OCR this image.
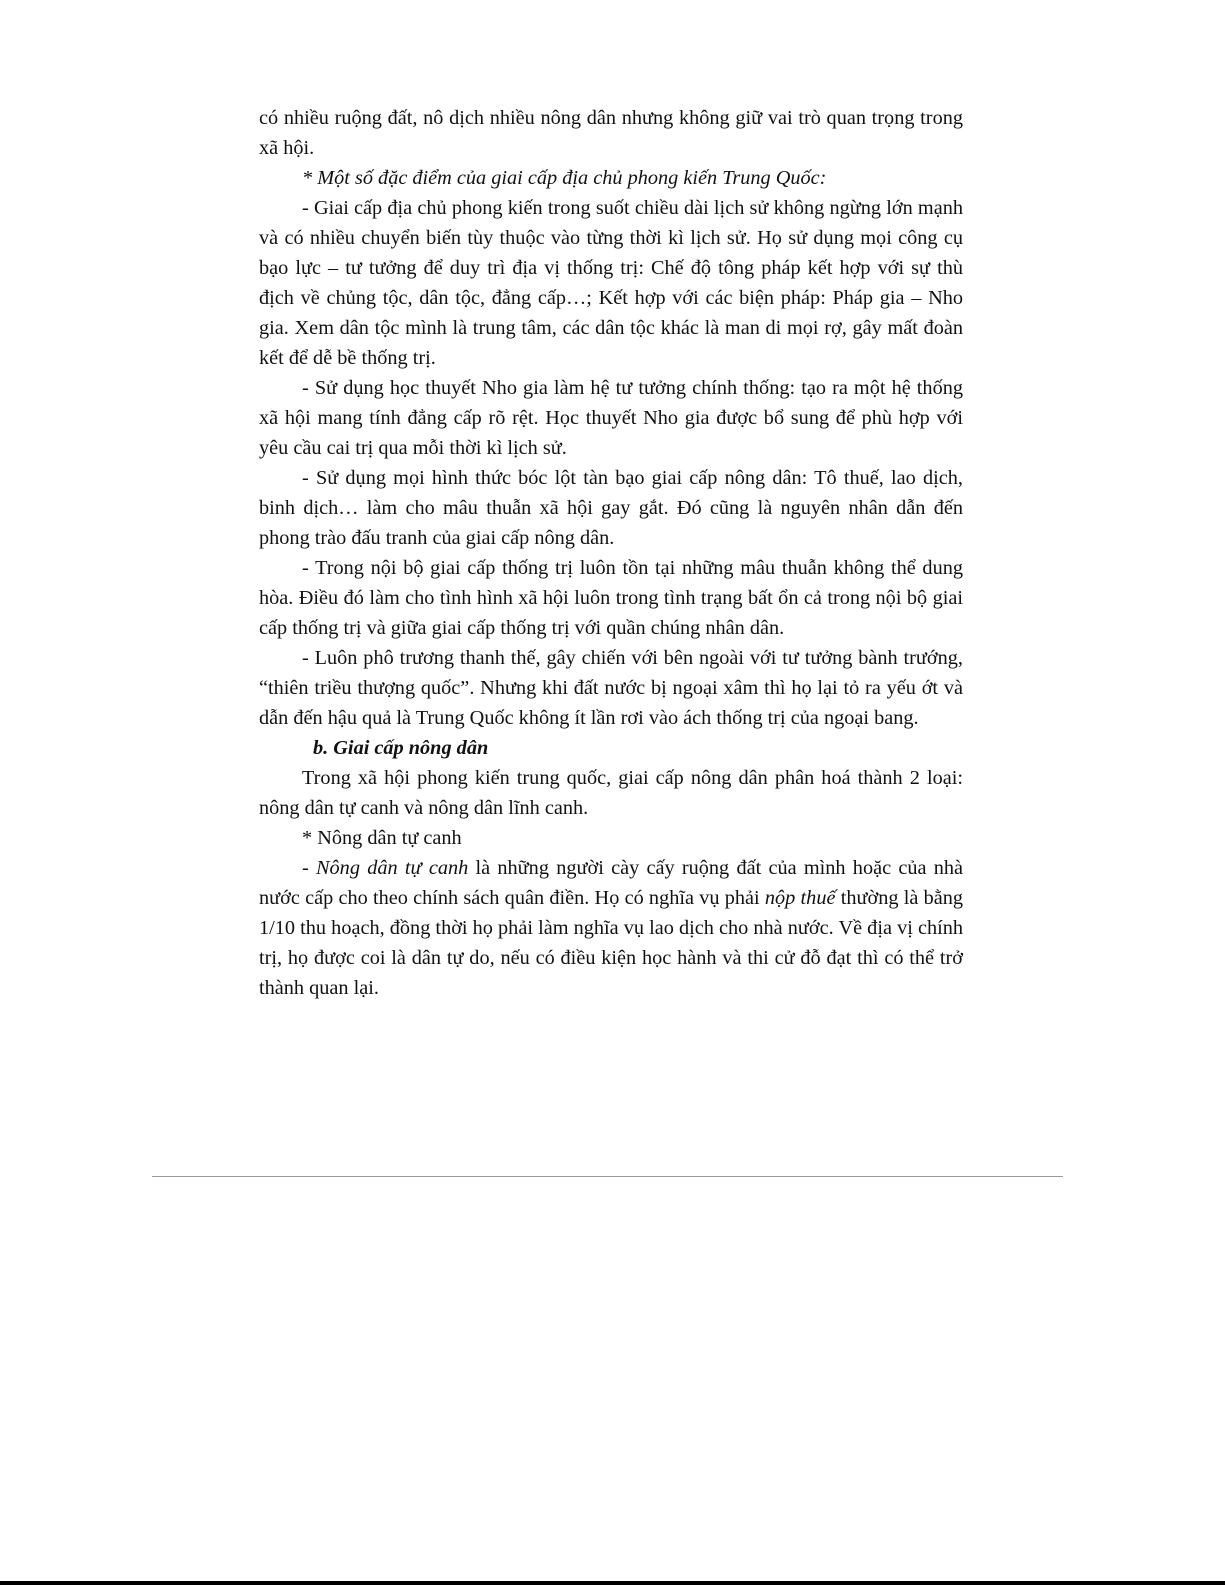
có nhiều ruộng đất, nô dịch nhiều nông dân nhưng không giữ vai trò quan trọng trong xã hội.

* Một số đặc điểm của giai cấp địa chủ phong kiến Trung Quốc:

- Giai cấp địa chủ phong kiến trong suốt chiều dài lịch sử không ngừng lớn mạnh và có nhiều chuyển biến tùy thuộc vào từng thời kì lịch sử. Họ sử dụng mọi công cụ bạo lực – tư tưởng để duy trì địa vị thống trị: Chế độ tông pháp kết hợp với sự thù địch về chủng tộc, dân tộc, đẳng cấp…; Kết hợp với các biện pháp: Pháp gia – Nho gia. Xem dân tộc mình là trung tâm, các dân tộc khác là man di mọi rợ, gây mất đoàn kết để dễ bề thống trị.

- Sử dụng học thuyết Nho gia làm hệ tư tưởng chính thống: tạo ra một hệ thống xã hội mang tính đẳng cấp rõ rệt. Học thuyết Nho gia được bổ sung để phù hợp với yêu cầu cai trị qua mỗi thời kì lịch sử.

- Sử dụng mọi hình thức bóc lột tàn bạo giai cấp nông dân: Tô thuế, lao dịch, binh dịch… làm cho mâu thuẫn xã hội gay gắt. Đó cũng là nguyên nhân dẫn đến phong trào đấu tranh của giai cấp nông dân.

- Trong nội bộ giai cấp thống trị luôn tồn tại những mâu thuẫn không thể dung hòa. Điều đó làm cho tình hình xã hội luôn trong tình trạng bất ổn cả trong nội bộ giai cấp thống trị và giữa giai cấp thống trị với quần chúng nhân dân.

- Luôn phô trương thanh thế, gây chiến với bên ngoài với tư tưởng bành trướng, “thiên triều thượng quốc”. Nhưng khi đất nước bị ngoại xâm thì họ lại tỏ ra yếu ớt và dẫn đến hậu quả là Trung Quốc không ít lần rơi vào ách thống trị của ngoại bang.

b. Giai cấp nông dân

Trong xã hội phong kiến trung quốc, giai cấp nông dân phân hoá thành 2 loại: nông dân tự canh và nông dân lĩnh canh.

* Nông dân tự canh

- Nông dân tự canh là những người cày cấy ruộng đất của mình hoặc của nhà nước cấp cho theo chính sách quân điền. Họ có nghĩa vụ phải nộp thuế thường là bằng 1/10 thu hoạch, đồng thời họ phải làm nghĩa vụ lao dịch cho nhà nước. Về địa vị chính trị, họ được coi là dân tự do, nếu có điều kiện học hành và thi cử đỗ đạt thì có thể trở thành quan lại.
